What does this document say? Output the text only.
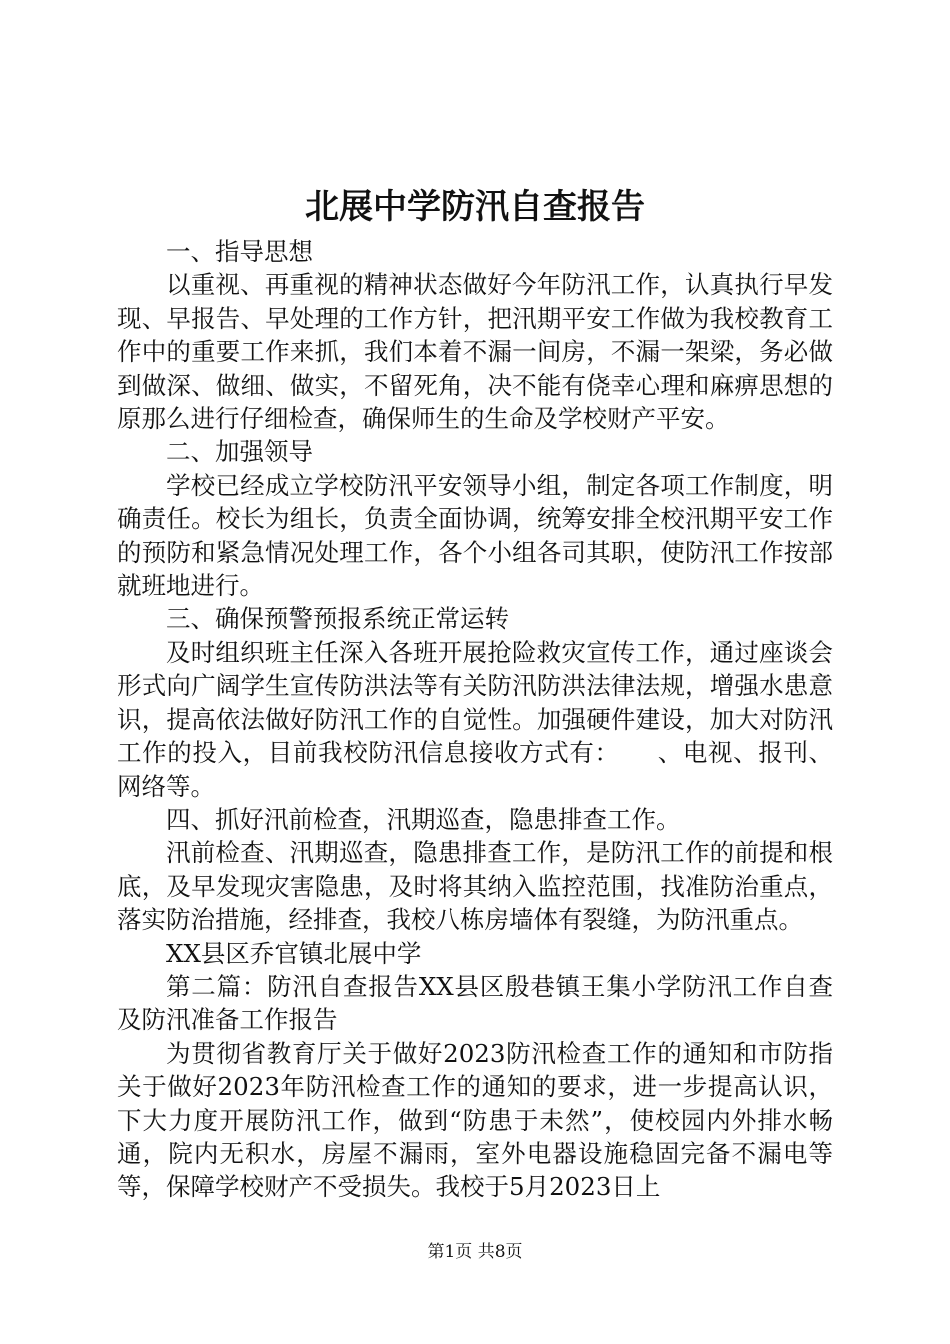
北展中学防汛自查报告

一、指导思想

以重视、再重视的精神状态做好今年防汛工作，认真执行早发现、早报告、早处理的工作方针，把汛期平安工作做为我校教育工作中的重要工作来抓，我们本着不漏一间房，不漏一架梁，务必做到做深、做细、做实，不留死角，决不能有侥幸心理和麻痹思想的原那么进行仔细检查，确保师生的生命及学校财产平安。

二、加强领导

学校已经成立学校防汛平安领导小组，制定各项工作制度，明确责任。校长为组长，负责全面协调，统筹安排全校汛期平安工作的预防和紧急情况处理工作，各个小组各司其职，使防汛工作按部就班地进行。

三、确保预警预报系统正常运转

及时组织班主任深入各班开展抢险救灾宣传工作，通过座谈会形式向广阔学生宣传防洪法等有关防汛防洪法律法规，增强水患意识，提高依法做好防汛工作的自觉性。加强硬件建设，加大对防汛工作的投入，目前我校防汛信息接收方式有：　　、电视、报刊、网络等。

四、抓好汛前检查，汛期巡查，隐患排查工作。

汛前检查、汛期巡查，隐患排查工作，是防汛工作的前提和根底，及早发现灾害隐患，及时将其纳入监控范围，找准防治重点，落实防治措施，经排查，我校八栋房墙体有裂缝，为防汛重点。

XX县区乔官镇北展中学

第二篇：防汛自查报告XX县区殷巷镇王集小学防汛工作自查及防汛准备工作报告

为贯彻省教育厅关于做好2023防汛检查工作的通知和市防指关于做好2023年防汛检查工作的通知的要求，进一步提高认识，下大力度开展防汛工作，做到“防患于未然”，使校园内外排水畅通，院内无积水，房屋不漏雨，室外电器设施稳固完备不漏电等等，保障学校财产不受损失。我校于5月2023日上

第1页 共8页
